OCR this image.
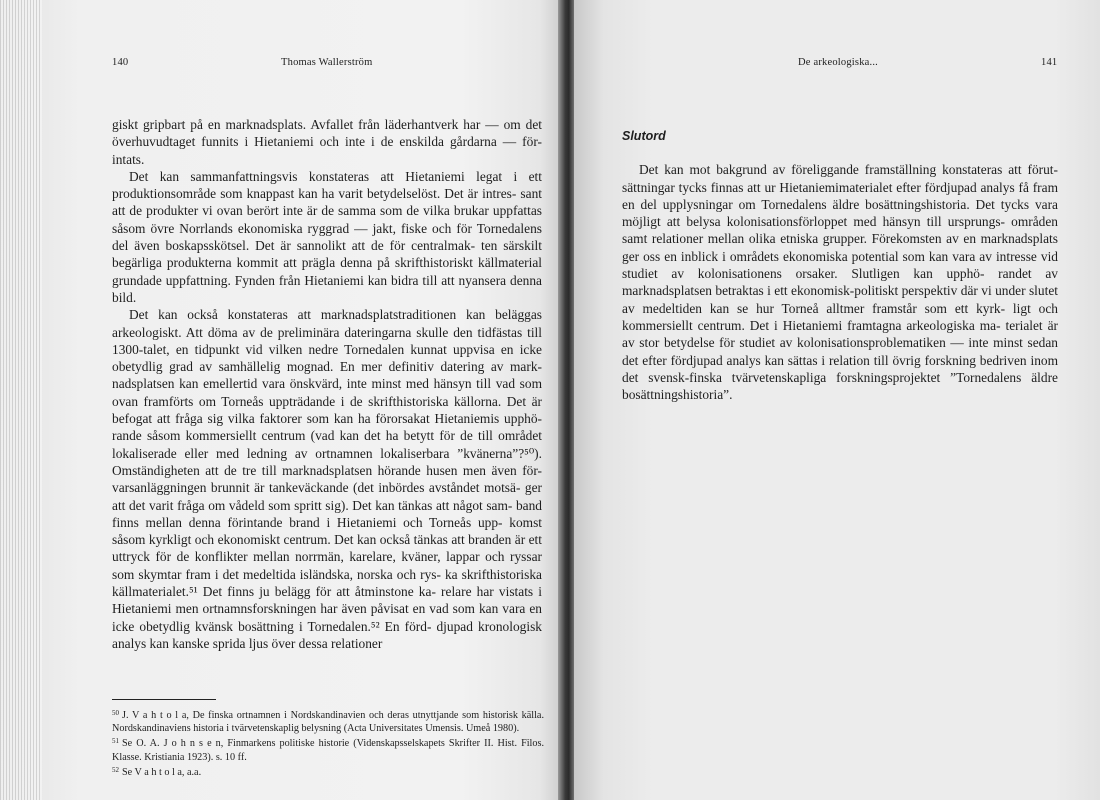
140	Thomas Wallerström

giskt gripbart på en marknadsplats. Avfallet från läderhantverk har — om det överhuvudtaget funnits i Hietaniemi och inte i de enskilda gårdarna — för- intats.

Det kan sammanfattningsvis konstateras att Hietaniemi legat i ett produktionsområde som knappast kan ha varit betydelselöst. Det är intres- sant att de produkter vi ovan berört inte är de samma som de vilka brukar uppfattas såsom övre Norrlands ekonomiska ryggrad — jakt, fiske och för Tornedalens del även boskapsskötsel. Det är sannolikt att de för centralmak- ten särskilt begärliga produkterna kommit att prägla denna på skrifthistoriskt källmaterial grundade uppfattning. Fynden från Hietaniemi kan bidra till att nyansera denna bild.

Det kan också konstateras att marknadsplatstraditionen kan beläggas arkeologiskt. Att döma av de preliminära dateringarna skulle den tidfästas till 1300-talet, en tidpunkt vid vilken nedre Tornedalen kunnat uppvisa en icke obetydlig grad av samhällelig mognad. En mer definitiv datering av mark- nadsplatsen kan emellertid vara önskvärd, inte minst med hänsyn till vad som ovan framförts om Torneås uppträdande i de skrifthistoriska källorna. Det är befogat att fråga sig vilka faktorer som kan ha förorsakat Hietaniemis upphö- rande såsom kommersiellt centrum (vad kan det ha betytt för de till området lokaliserade eller med ledning av ortnamnen lokaliserbara ”kvänerna”?⁵⁰). Omständigheten att de tre till marknadsplatsen hörande husen men även för- varsanläggningen brunnit är tankeväckande (det inbördes avståndet motsä- ger att det varit fråga om vådeld som spritt sig). Det kan tänkas att något sam- band finns mellan denna förintande brand i Hietaniemi och Torneås upp- komst såsom kyrkligt och ekonomiskt centrum. Det kan också tänkas att branden är ett uttryck för de konflikter mellan norrmän, karelare, kväner, lappar och ryssar som skymtar fram i det medeltida isländska, norska och rys- ka skrifthistoriska källmaterialet.⁵¹ Det finns ju belägg för att åtminstone ka- relare har vistats i Hietaniemi men ortnamnsforskningen har även påvisat en vad som kan vara en icke obetydlig kvänsk bosättning i Tornedalen.⁵² En förd- djupad kronologisk analys kan kanske sprida ljus över dessa relationer

$^{50}$ J. V a h t o l a, De finska ortnamnen i Nordskandinavien och deras utnyttjande som historisk källa. Nordskandinaviens historia i tvärvetenskaplig belysning (Acta Universitates Umensis. Umeå 1980).

$^{51}$ Se O. A. J o h n s e n, Finmarkens politiske historie (Videnskapsselskapets Skrifter II. Hist. Filos. Klasse. Kristiania 1923). s. 10 ff.

$^{52}$ Se V a h t o l a, a.a.

De arkeologiska...	141
Slutord

Det kan mot bakgrund av föreliggande framställning konstateras att förut- sättningar tycks finnas att ur Hietaniemimaterialet efter fördjupad analys få fram en del upplysningar om Tornedalens äldre bosättningshistoria. Det tycks vara möjligt att belysa kolonisationsförloppet med hänsyn till ursprungs- områden samt relationer mellan olika etniska grupper. Förekomsten av en marknadsplats ger oss en inblick i områdets ekonomiska potential som kan vara av intresse vid studiet av kolonisationens orsaker. Slutligen kan upphö- randet av marknadsplatsen betraktas i ett ekonomisk-politiskt perspektiv där vi under slutet av medeltiden kan se hur Torneå alltmer framstår som ett kyrk- ligt och kommersiellt centrum. Det i Hietaniemi framtagna arkeologiska ma- terialet är av stor betydelse för studiet av kolonisationsproblematiken — inte minst sedan det efter fördjupad analys kan sättas i relation till övrig forskning bedriven inom det svensk-finska tvärvetenskapliga forskningsprojektet ”Tornedalens äldre bosättningshistoria”.
